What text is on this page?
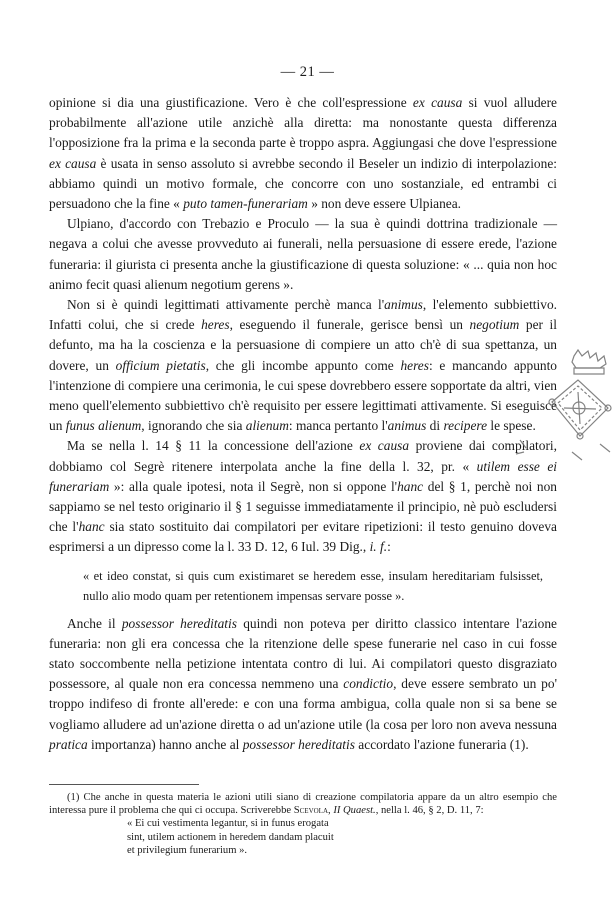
— 21 —

opinione si dia una giustificazione. Vero è che coll'espressione ex causa si vuol alludere probabilmente all'azione utile anzichè alla diretta: ma nonostante questa differenza l'opposizione fra la prima e la seconda parte è troppo aspra. Aggiungasi che dove l'espressione ex causa è usata in senso assoluto si avrebbe secondo il Beseler un indizio di interpolazione: abbiamo quindi un motivo formale, che concorre con uno sostanziale, ed entrambi ci persuadono che la fine « puto tamen-funerariam » non deve essere Ulpianea.

Ulpiano, d'accordo con Trebazio e Proculo — la sua è quindi dottrina tradizionale — negava a colui che avesse provveduto ai funerali, nella persuasione di essere erede, l'azione funeraria: il giurista ci presenta anche la giustificazione di questa soluzione: « ... quia non hoc animo fecit quasi alienum negotium gerens ».

Non si è quindi legittimati attivamente perchè manca l'animus, l'elemento subbiettivo. Infatti colui, che si crede heres, eseguendo il funerale, gerisce bensì un negotium per il defunto, ma ha la coscienza e la persuasione di compiere un atto ch'è di sua spettanza, un dovere, un officium pietatis, che gli incombe appunto come heres: e mancando appunto l'intenzione di compiere una cerimonia, le cui spese dovrebbero essere sopportate da altri, vien meno quell'elemento subbiettivo ch'è requisito per essere legittimati attivamente. Si eseguisce un funus alienum, ignorando che sia alienum: manca pertanto l'animus di recipere le spese.

Ma se nella l. 14 § 11 la concessione dell'azione ex causa proviene dai compilatori, dobbiamo col Segrè ritenere interpolata anche la fine della l. 32, pr. « utilem esse ei funerariam »: alla quale ipotesi, nota il Segrè, non si oppone l'hanc del § 1, perchè noi non sappiamo se nel testo originario il § 1 seguisse immediatamente il principio, nè può escludersi che l'hanc sia stato sostituito dai compilatori per evitare ripetizioni: il testo genuino doveva esprimersi a un dipresso come la l. 33 D. 12, 6 Iul. 39 Dig., i. f.:

« et ideo constat, si quis cum existimaret se heredem esse, insulam hereditariam fulsisset, nullo alio modo quam per retentionem impensas servare posse ».

Anche il possessor hereditatis quindi non poteva per diritto classico intentare l'azione funeraria: non gli era concessa che la ritenzione delle spese funerarie nel caso in cui fosse stato soccombente nella petizione intentata contro di lui. Ai compilatori questo disgraziato possessore, al quale non era concessa nemmeno una condictio, deve essere sembrato un po' troppo indifeso di fronte all'erede: e con una forma ambigua, colla quale non si sa bene se vogliamo alludere ad un'azione diretta o ad un'azione utile (la cosa per loro non aveva nessuna pratica importanza) hanno anche al possessor hereditatis accordato l'azione funeraria (1).

(1) Che anche in questa materia le azioni utili siano di creazione compilatoria appare da un altro esempio che interessa pure il problema che qui ci occupa. Scriverebbe Scevola, II Quaest., nella l. 46, § 2, D. 11, 7:

« Ei cui vestimenta legantur, si in funus erogata

sint, utilem actionem in heredem dandam placuit

et privilegium funerarium ».
